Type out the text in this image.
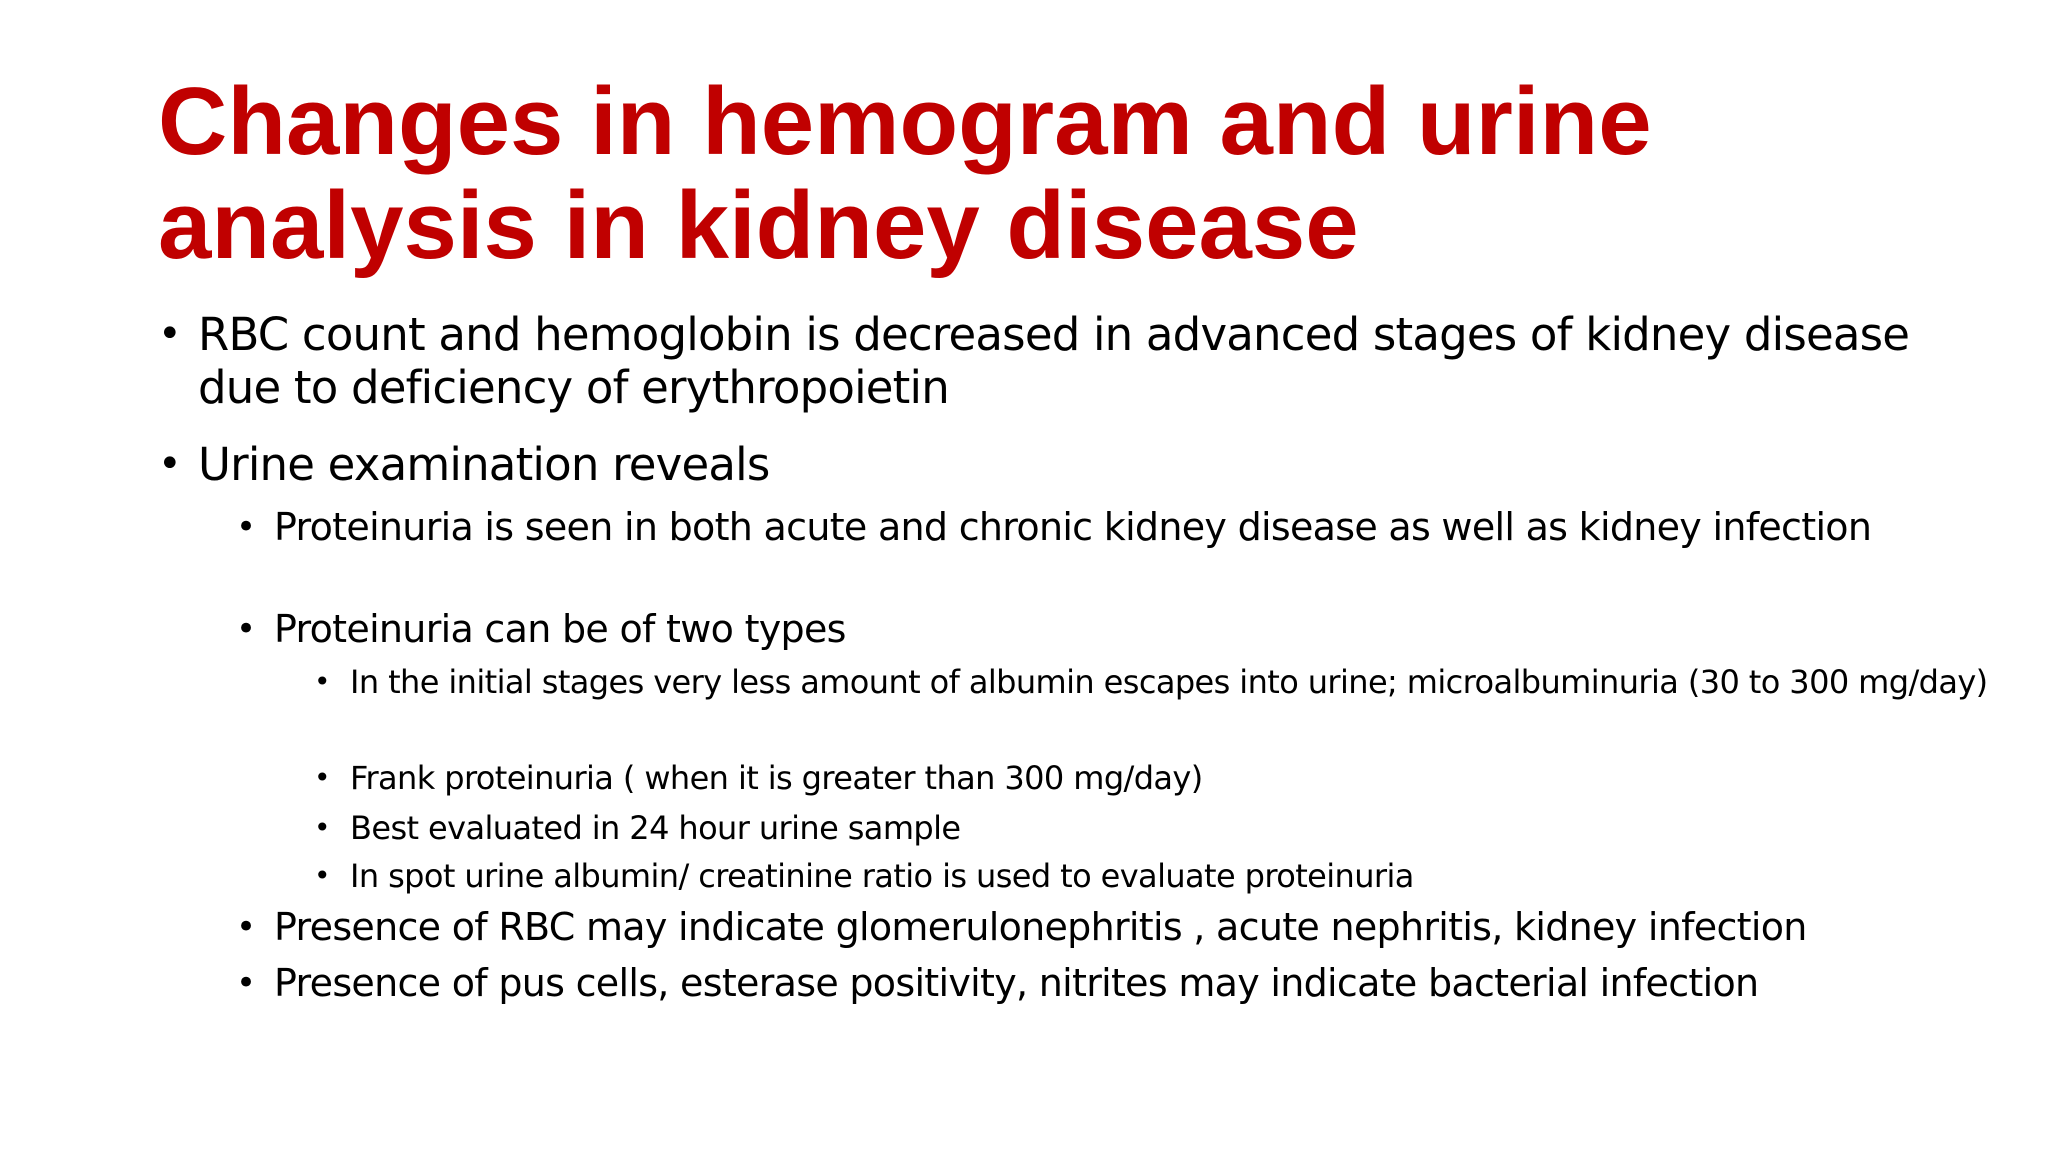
Changes in hemogram and urine analysis in kidney disease

• RBC count and hemoglobin is decreased in advanced stages of kidney disease due to deficiency of erythropoietin

• Urine examination reveals

• Proteinuria is seen in both acute and chronic kidney disease as well as kidney infection

• Proteinuria can be of two types

• In the initial stages very less amount of albumin escapes into urine; microalbuminuria (30 to 300 mg/day)

• Frank proteinuria ( when it is greater than 300 mg/day)

• Best evaluated in 24 hour urine sample

• In spot urine albumin/ creatinine ratio is used to evaluate proteinuria

• Presence of RBC may indicate glomerulonephritis , acute nephritis, kidney infection

• Presence of pus cells, esterase positivity, nitrites may indicate bacterial infection
